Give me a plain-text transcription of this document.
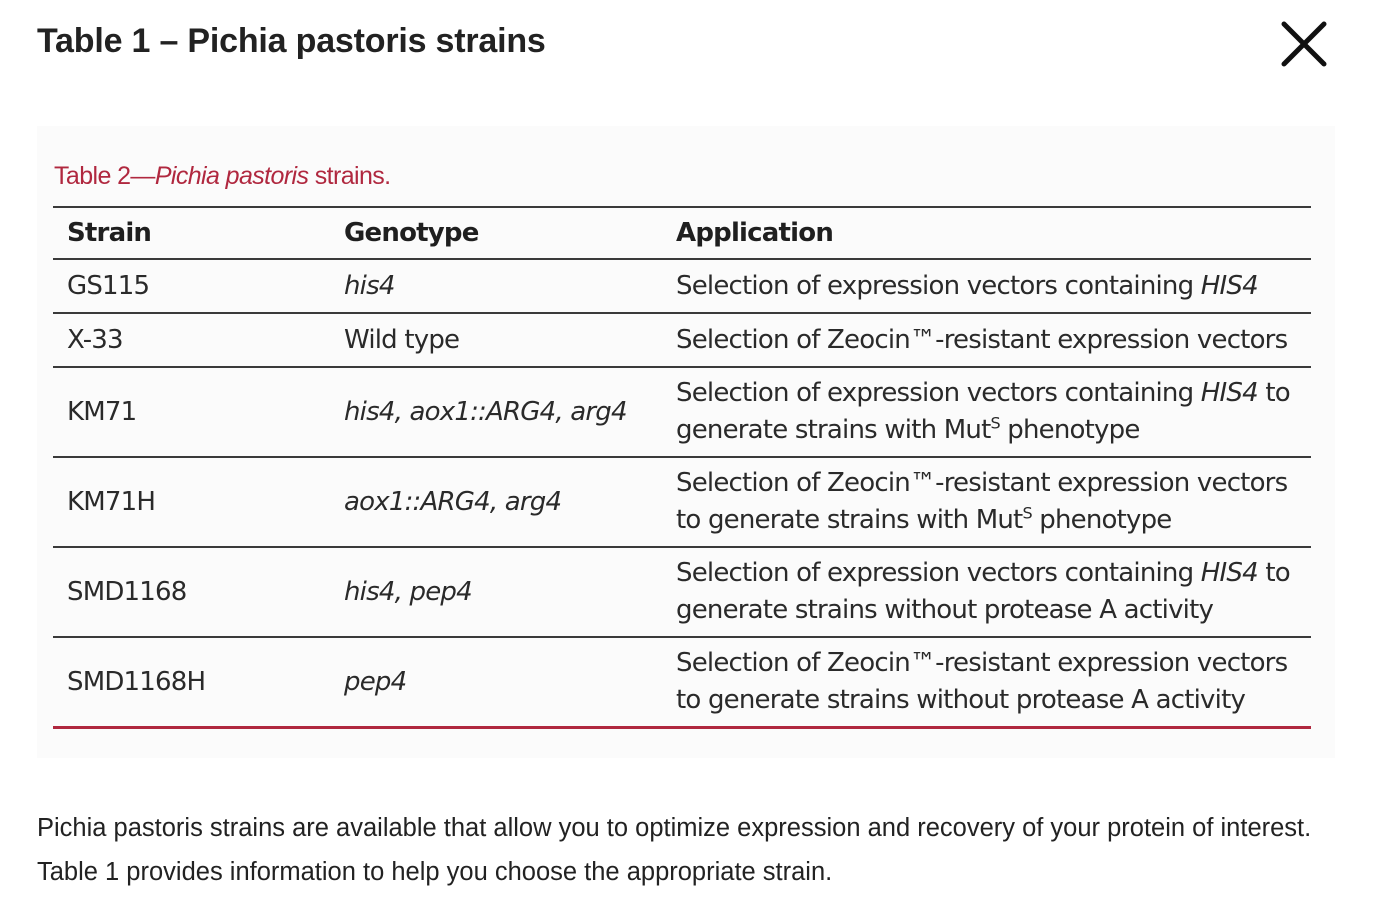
Table 1 – Pichia pastoris strains
Table 2—Pichia pastoris strains.
Strain	Genotype	Application
GS115	his4	Selection of expression vectors containing HIS4
X-33	Wild type	Selection of Zeocin™-resistant expression vectors
KM71	his4, aox1::ARG4, arg4	Selection of expression vectors containing HIS4 to
generate strains with Mut$^S$ phenotype
KM71H	aox1::ARG4, arg4	Selection of Zeocin™-resistant expression vectors
to generate strains with Mut$^S$ phenotype
SMD1168	his4, pep4	Selection of expression vectors containing HIS4 to
generate strains without protease A activity
SMD1168H	pep4	Selection of Zeocin™-resistant expression vectors
to generate strains without protease A activity

Pichia pastoris strains are available that allow you to optimize expression and recovery of your protein of interest. Table 1 provides information to help you choose the appropriate strain.
